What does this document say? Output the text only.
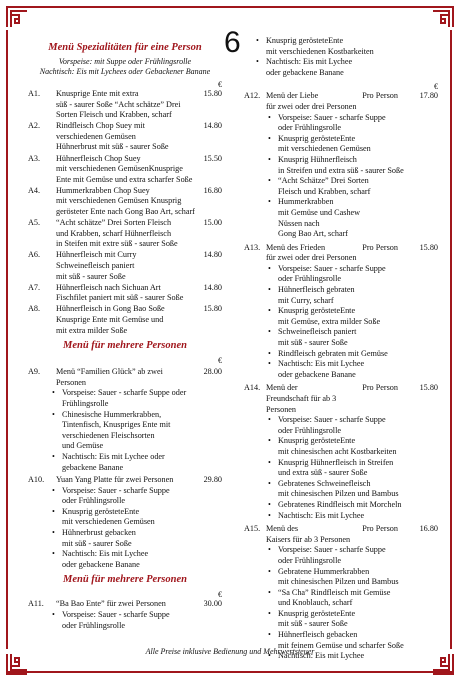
6
Menü Spezialitäten für eine Person
Vorspeise: mit Suppe oder Frühlingsrolle
Nachtisch: Eis mit Lychees oder Gebackener Banane
€
A1.	15.80
Knusprige Ente mit extra
süß - saurer Soße “Acht schätze” Drei
Sorten Fleisch und Krabben, scharf
A2.	14.80
Rindfleisch Chop Suey mit
verschiedenen Gemüsen
Hühnerbrust mit süß - saurer Soße
A3.	15.50
Hühnerfleisch Chop Suey
mit verschiedenen GemüsenKnusprige
Ente mit Gemüse und extra scharfer Soße
A4.	16.80
Hummerkrabben Chop Suey
mit verschiedenen Gemüsen Knusprig
gerösteter Ente nach Gong Bao Art, scharf
A5.	15.00
“Acht schätze” Drei Sorten Fleisch
und Krabben, scharf Hühnerfleisch
in Steifen mit extre süß - saurer Soße
A6.	14.80
Hühnerfleisch mit Curry
Schweinefleisch paniert
mit süß - saurer Soße
A7.	14.80
Hühnerfleisch nach Sichuan Art
Fischfilet paniert mit süß - saurer Soße
A8.	15.80
Hühnerfleisch in Gong Bao Soße
Knusprige Ente mit Gemüse und
mit extra milder Soße
Menü für mehrere Personen
€
A9.	28.00
Menü “Familien Glück” ab zwei
Personen
• Vorspeise: Sauer - scharfe Suppe oder
Frühlingsrolle
• Chinesische Hummerkrabben,
Tintenfisch, Knuspriges Ente mit
verschiedenen Fleischsorten
und Gemüse
• Nachtisch: Eis mit Lychee oder
gebackene Banane
A10.	29.80
Yuan Yang Platte für zwei Personen
• Vorspeise: Sauer - scharfe Suppe
oder Frühlingsrolle
• Knusprig gerösteteEnte
mit verschiedenen Gemüsen
• Hühnerbrust gebacken
mit süß - saurer Soße
• Nachtisch: Eis mit Lychee
oder gebackene Banane
Menü für mehrere Personen
€
A11.	30.00
“Ba Bao Ente” für zwei Personen
• Vorspeise: Sauer - scharfe Suppe
oder Frühlingsrolle
• Knusprig gerösteteEnte
mit verschiedenen Kostbarkeiten
• Nachtisch: Eis mit Lychee
oder gebackene Banane
€
A12.	Pro Person	17.80
Menü der Liebe
für zwei oder drei Personen
• Vorspeise: Sauer - scharfe Suppe
oder Frühlingsrolle
• Knusprig gerösteteEnte
mit verschiedenen Gemüsen
• Knusprig Hühnerfleisch
in Streifen und extra süß - saurer Soße
• “Acht Schätze” Drei Sorten
Fleisch und Krabben, scharf
• Hummerkrabben
mit Gemüse und Cashew
Nüssen nach
Gong Bao Art, scharf
A13.	Pro Person	15.80
Menü des Frieden
für zwei oder drei Personen
• Vorspeise: Sauer - scharfe Suppe
oder Frühlingsrolle
• Hühnerfleisch gebraten
mit Curry, scharf
• Knusprig gerösteteEnte
mit Gemüse, extra milder Soße
• Schweinefleisch paniert
mit süß - saurer Soße
• Rindfleisch gebraten mit Gemüse
• Nachtisch: Eis mit Lychee
oder gebackene Banane
A14.	Pro Person	15.80
Menü der
Freundschaft für ab 3 Personen
• Vorspeise: Sauer - scharfe Suppe
oder Frühlingsrolle
• Knusprig gerösteteEnte
mit chinesischen acht Kostbarkeiten
• Knusprig Hühnerfleisch in Streifen
und extra süß - saurer Soße
• Gebratenes Schweinefleisch
mit chinesischen Pilzen und Bambus
• Gebratenes Rindfleisch mit Morcheln
• Nachtisch: Eis mit Lychee
A15.	Pro Person	16.80
Menü des
Kaisers für ab 3 Personen
• Vorspeise: Sauer - scharfe Suppe
oder Frühlingsrolle
• Gebratene Hummerkrabben
mit chinesischen Pilzen und Bambus
• “Sa Cha” Rindfleisch mit Gemüse
und Knoblauch, scharf
• Knusprig gerösteteEnte
mit süß - saurer Soße
• Hühnerfleisch gebacken
mit feinem Gemüse und scharfer Soße
• Nachtisch: Eis mit Lychee
Alle Preise inklusive Bedienung und Mehrwertsteuer
